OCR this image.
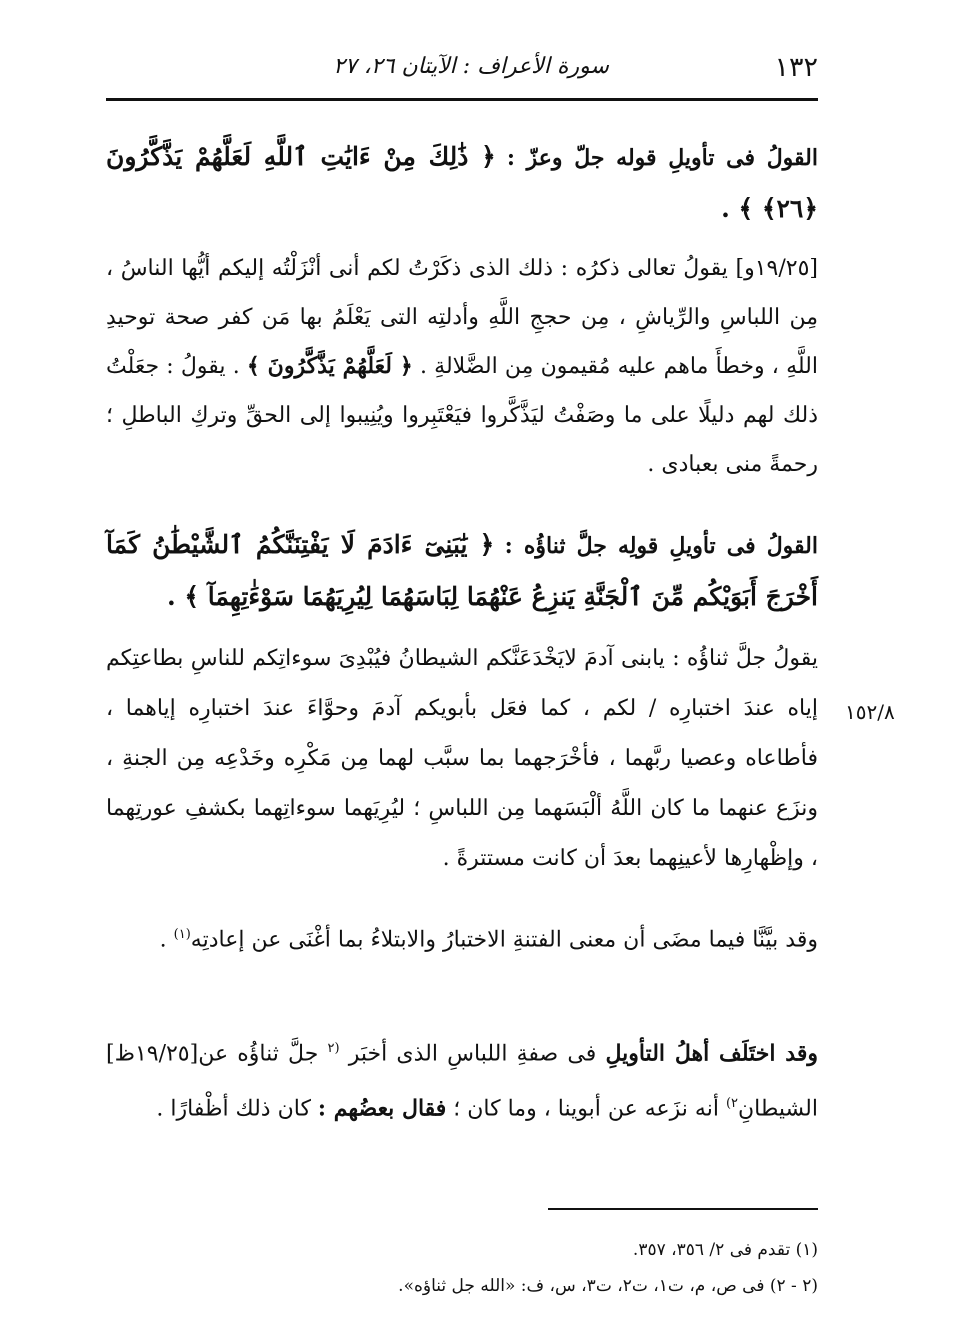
١٣٢
سورة الأعراف : الآيتان ٢٦، ٢٧

القولُ فى تأويلِ قوله جلّ وعزّ : ﴿ ذَٰلِكَ مِنْ ءَايَٰتِ ٱللَّهِ لَعَلَّهُمْ يَذَّكَّرُونَ ﴿٢٦﴾ ﴾ .

[١٩/٢٥و] يقولُ تعالى ذكرُه : ذلك الذى ذكَرْتُ لكم أنى أنْزَلْتُه إليكم أيُّها الناسُ ، مِن اللباسِ والرِّياشِ ، مِن حججِ اللَّهِ وأدلتِه التى يَعْلَمُ بها مَن كفر صحة توحيدِ اللَّهِ ، وخطأَ ماهم عليه مُقيمون مِن الضَّلالةِ . ﴿ لَعَلَّهُمْ يَذَّكَّرُونَ ﴾ . يقولُ : جعَلْتُ ذلك لهم دليلًا على ما وصَفْتُ ليَذَّكَّروا فيَعْتَبِروا ويُنِيبوا إلى الحقِّ وتركِ الباطلِ ؛ رحمةً منى بعبادى .

القولُ فى تأويلِ قولِه جلَّ ثناؤُه : ﴿ يَٰبَنِىٓ ءَادَمَ لَا يَفْتِنَنَّكُمُ ٱلشَّيْطَٰنُ كَمَآ أَخْرَجَ أَبَوَيْكُم مِّنَ ٱلْجَنَّةِ يَنزِعُ عَنْهُمَا لِبَاسَهُمَا لِيُرِيَهُمَا سَوْءَٰتِهِمَآ ﴾ .

يقولُ جلَّ ثناؤُه : يابنى آدمَ لايَخْدَعَنَّكم الشيطانُ فيُبْدِىَ سوءاتِكم للناسِ بطاعتِكم إياه عندَ اختبارِه / لكم ، كما فعَل بأبويكم آدمَ وحوَّاءَ عندَ اختبارِه إياهما ، فأطاعاه وعصيا ربَّهما ، فأخْرَجهما بما سبَّب لهما مِن مَكْرِه وخَدْعِه مِن الجنةِ ، ونزَع عنهما ما كان اللَّهُ ألْبَسَهما مِن اللباسِ ؛ ليُرِيَهما سوءاتِهما بكشفِ عورتِهما ، وإظْهارِها لأعينِهما بعدَ أن كانت مستترةً .

١٥٢/٨

وقد بيَّنَّا فيما مضَى أن معنى الفتنةِ الاختبارُ والابتلاءُ بما أغْنَى عن إعادتِه$^{(١)}$ .

وقد اختَلَف أهلُ التأويلِ فى صفةِ اللباسِ الذى أخبَر $^{(٢}$ جلَّ ثناؤُه عن[١٩/٢٥ظ] الشيطانِ$^{٢)}$ أنه نزَعه عن أبوينا ، وما كان ؛ فقال بعضُهم : كان ذلك أظْفارًا .

(١) تقدم فى ٢/ ٣٥٦، ٣٥٧.
(٢ - ٢) فى ص، م، ت١، ت٢، ت٣، س، ف: «الله جل ثناؤه».
